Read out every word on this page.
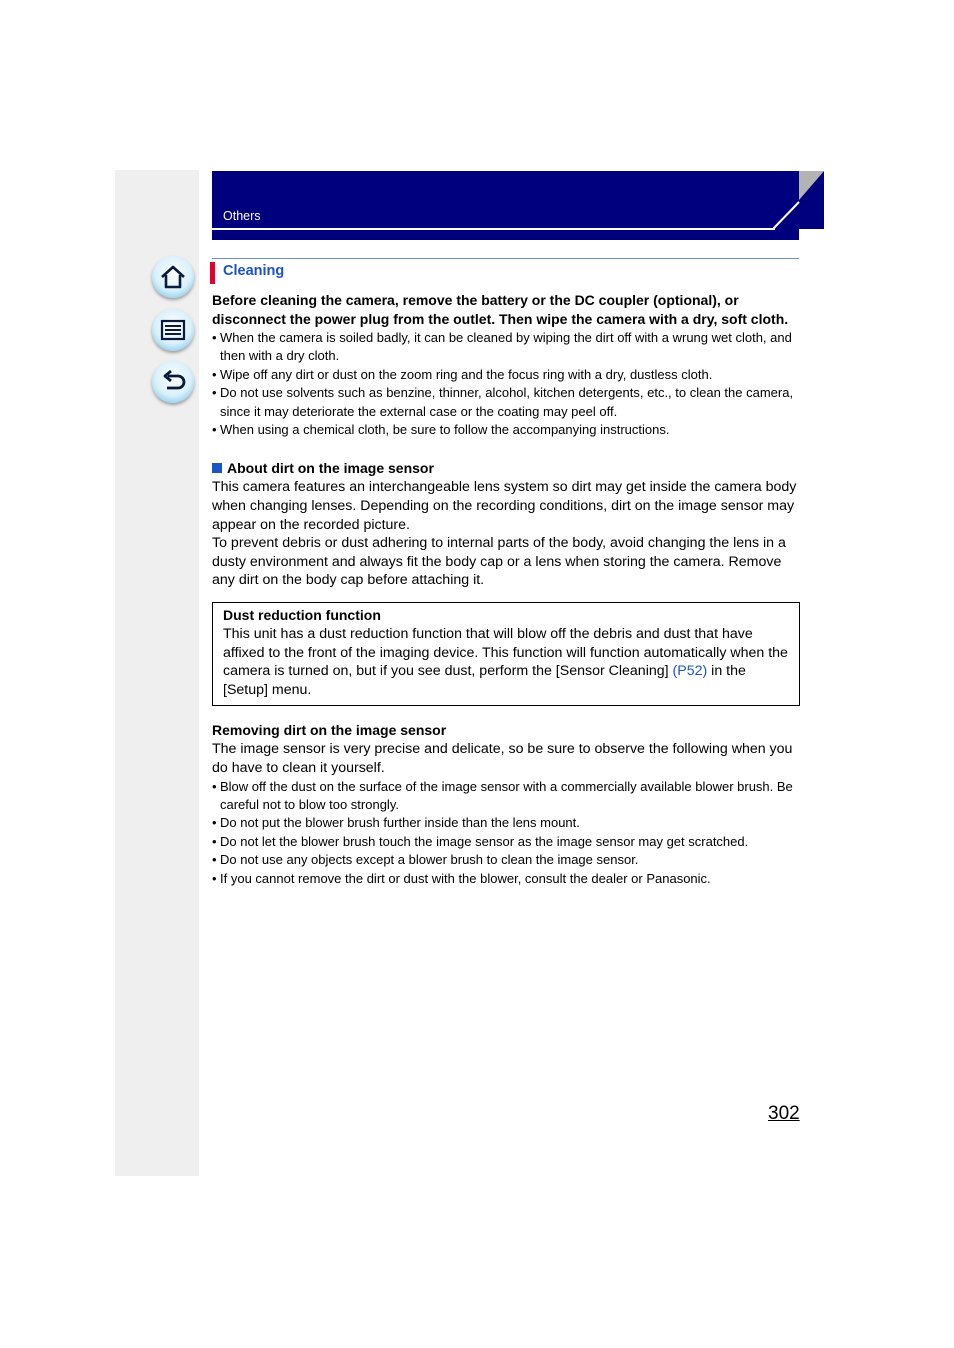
Others
Cleaning

Before cleaning the camera, remove the battery or the DC coupler (optional), or disconnect the power plug from the outlet. Then wipe the camera with a dry, soft cloth.

• When the camera is soiled badly, it can be cleaned by wiping the dirt off with a wrung wet cloth, and then with a dry cloth.
• Wipe off any dirt or dust on the zoom ring and the focus ring with a dry, dustless cloth.
• Do not use solvents such as benzine, thinner, alcohol, kitchen detergents, etc., to clean the camera, since it may deteriorate the external case or the coating may peel off.
• When using a chemical cloth, be sure to follow the accompanying instructions.
About dirt on the image sensor

This camera features an interchangeable lens system so dirt may get inside the camera body when changing lenses. Depending on the recording conditions, dirt on the image sensor may appear on the recorded picture.

To prevent debris or dust adhering to internal parts of the body, avoid changing the lens in a dusty environment and always fit the body cap or a lens when storing the camera. Remove any dirt on the body cap before attaching it.

Dust reduction function

This unit has a dust reduction function that will blow off the debris and dust that have affixed to the front of the imaging device. This function will function automatically when the camera is turned on, but if you see dust, perform the [Sensor Cleaning] (P52) in the [Setup] menu.

Removing dirt on the image sensor

The image sensor is very precise and delicate, so be sure to observe the following when you do have to clean it yourself.

• Blow off the dust on the surface of the image sensor with a commercially available blower brush. Be careful not to blow too strongly.
• Do not put the blower brush further inside than the lens mount.
• Do not let the blower brush touch the image sensor as the image sensor may get scratched.
• Do not use any objects except a blower brush to clean the image sensor.
• If you cannot remove the dirt or dust with the blower, consult the dealer or Panasonic.
302
